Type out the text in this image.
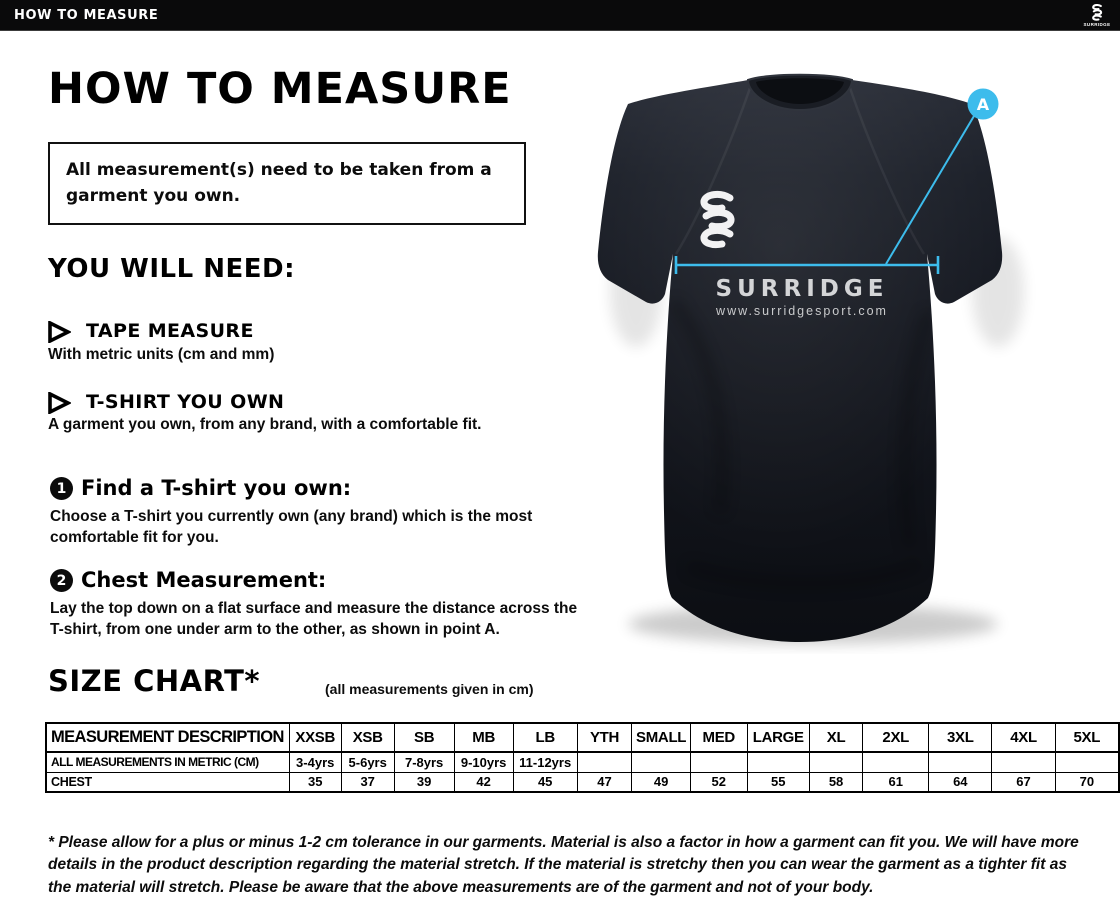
HOW TO MEASURE
SURRIDGE
HOW TO MEASURE
All measurement(s) need to be taken from a garment you own.
YOU WILL NEED:
TAPE MEASURE
With metric units (cm and mm)
T-SHIRT YOU OWN
A garment you own, from any brand, with a comfortable fit.
1 Find a T-shirt you own:
Choose a T-shirt you currently own (any brand) which is the most comfortable fit for you.
2 Chest Measurement:
Lay the top down on a flat surface and measure the distance across the T-shirt, from one under arm to the other, as shown in point A.
SIZE CHART*	(all measurements given in cm)
MEASUREMENT DESCRIPTION	XXSB	XSB	SB	MB	LB	YTH	SMALL	MED	LARGE	XL	2XL	3XL	4XL	5XL
ALL MEASUREMENTS IN METRIC (CM)	3-4yrs	5-6yrs	7-8yrs	9-10yrs	11-12yrs									
CHEST	35	37	39	42	45	47	49	52	55	58	61	64	67	70
* Please allow for a plus or minus 1-2 cm tolerance in our garments. Material is also a factor in how a garment can fit you. We will have more details in the product description regarding the material stretch. If the material is stretchy then you can wear the garment as a tighter fit as the material will stretch. Please be aware that the above measurements are of the garment and not of your body.
SURRIDGE
www.surridgesport.com
A
